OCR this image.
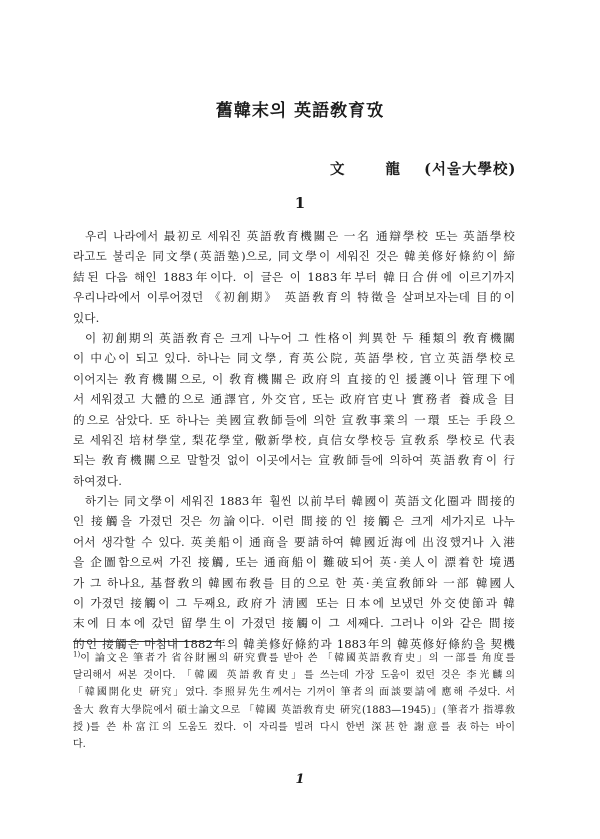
舊韓末의 英語敎育攷
文 龍 (서울大學校)
1
우리 나라에서 最初로 세워진 英語敎育機關은 一名 通辯學校 또는 英語學校
라고도 불리운 同文學(英語塾)으로, 同文學이 세워진 것은 韓美修好條約이 締
結된 다음 해인 1883年이다. 이 글은 이 1883年부터 韓日合倂에 이르기까지
우리나라에서 이루어졌던 《初創期》 英語敎育의 特徵을 살펴보자는데 目的이
있다.
이 初創期의 英語敎育은 크게 나누어 그 性格이 判異한 두 種類의 敎育機關
이 中心이 되고 있다. 하나는 同文學, 育英公院, 英語學校, 官立英語學校로
이어지는 敎育機關으로, 이 敎育機關은 政府의 直接的인 援護이나 管理下에
서 세워졌고 大體的으로 通譯官, 外交官, 또는 政府官吏나 實務者 養成을 目
的으로 삼았다. 또 하나는 美國宣敎師들에 의한 宣敎事業의 一環 또는 手段으
로 세워진 培材學堂, 梨花學堂, 儆新學校, 貞信女學校등 宣敎系 學校로 代表
되는 敎育機關으로 말할것 없이 이곳에서는 宣敎師들에 의하여 英語敎育이 行
하여졌다.
하기는 同文學이 세워진 1883年 훨씬 以前부터 韓國이 英語文化圈과 間接的
인 接觸을 가졌던 것은 勿論이다. 이런 間接的인 接觸은 크게 세가지로 나누
어서 생각할 수 있다. 英美船이 通商을 要請하여 韓國近海에 出沒했거나 入港
을 企圖함으로써 가진 接觸, 또는 通商船이 難破되어 英·美人이 漂着한 境遇
가 그 하나요, 基督敎의 韓國布敎를 目的으로 한 英·美宣敎師와 一部 韓國人
이 가졌던 接觸이 그 두째요, 政府가 淸國 또는 日本에 보냈던 外交使節과 韓
末에 日本에 갔던 留學生이 가졌던 接觸이 그 세째다. 그러나 이와 같은 間接
的인 接觸은 마침내 1882年의 韓美修好條約과 1883年의 韓英修好條約을 契機
$^{1)}$이 論文은 筆者가 省谷財團의 硏究費를 받아 쓴 「韓國英語敎育史」의 一部를 角度를
달리해서 써본 것이다. 「韓國 英語敎育史」를 쓰는데 가장 도움이 컸던 것은 李光麟의
「韓國開化史 硏究」였다. 李照昇先生께서는 기꺼이 筆者의 面談要請에 應해 주셨다. 서
울大 敎育大學院에서 碩士論文으로 「韓國 英語敎育史 硏究(1883—1945)」(筆者가 指導敎
授)를 쓴 朴富江의 도움도 컸다. 이 자리를 빌려 다시 한번 深甚한 謝意를 表하는 바이
다.
1
